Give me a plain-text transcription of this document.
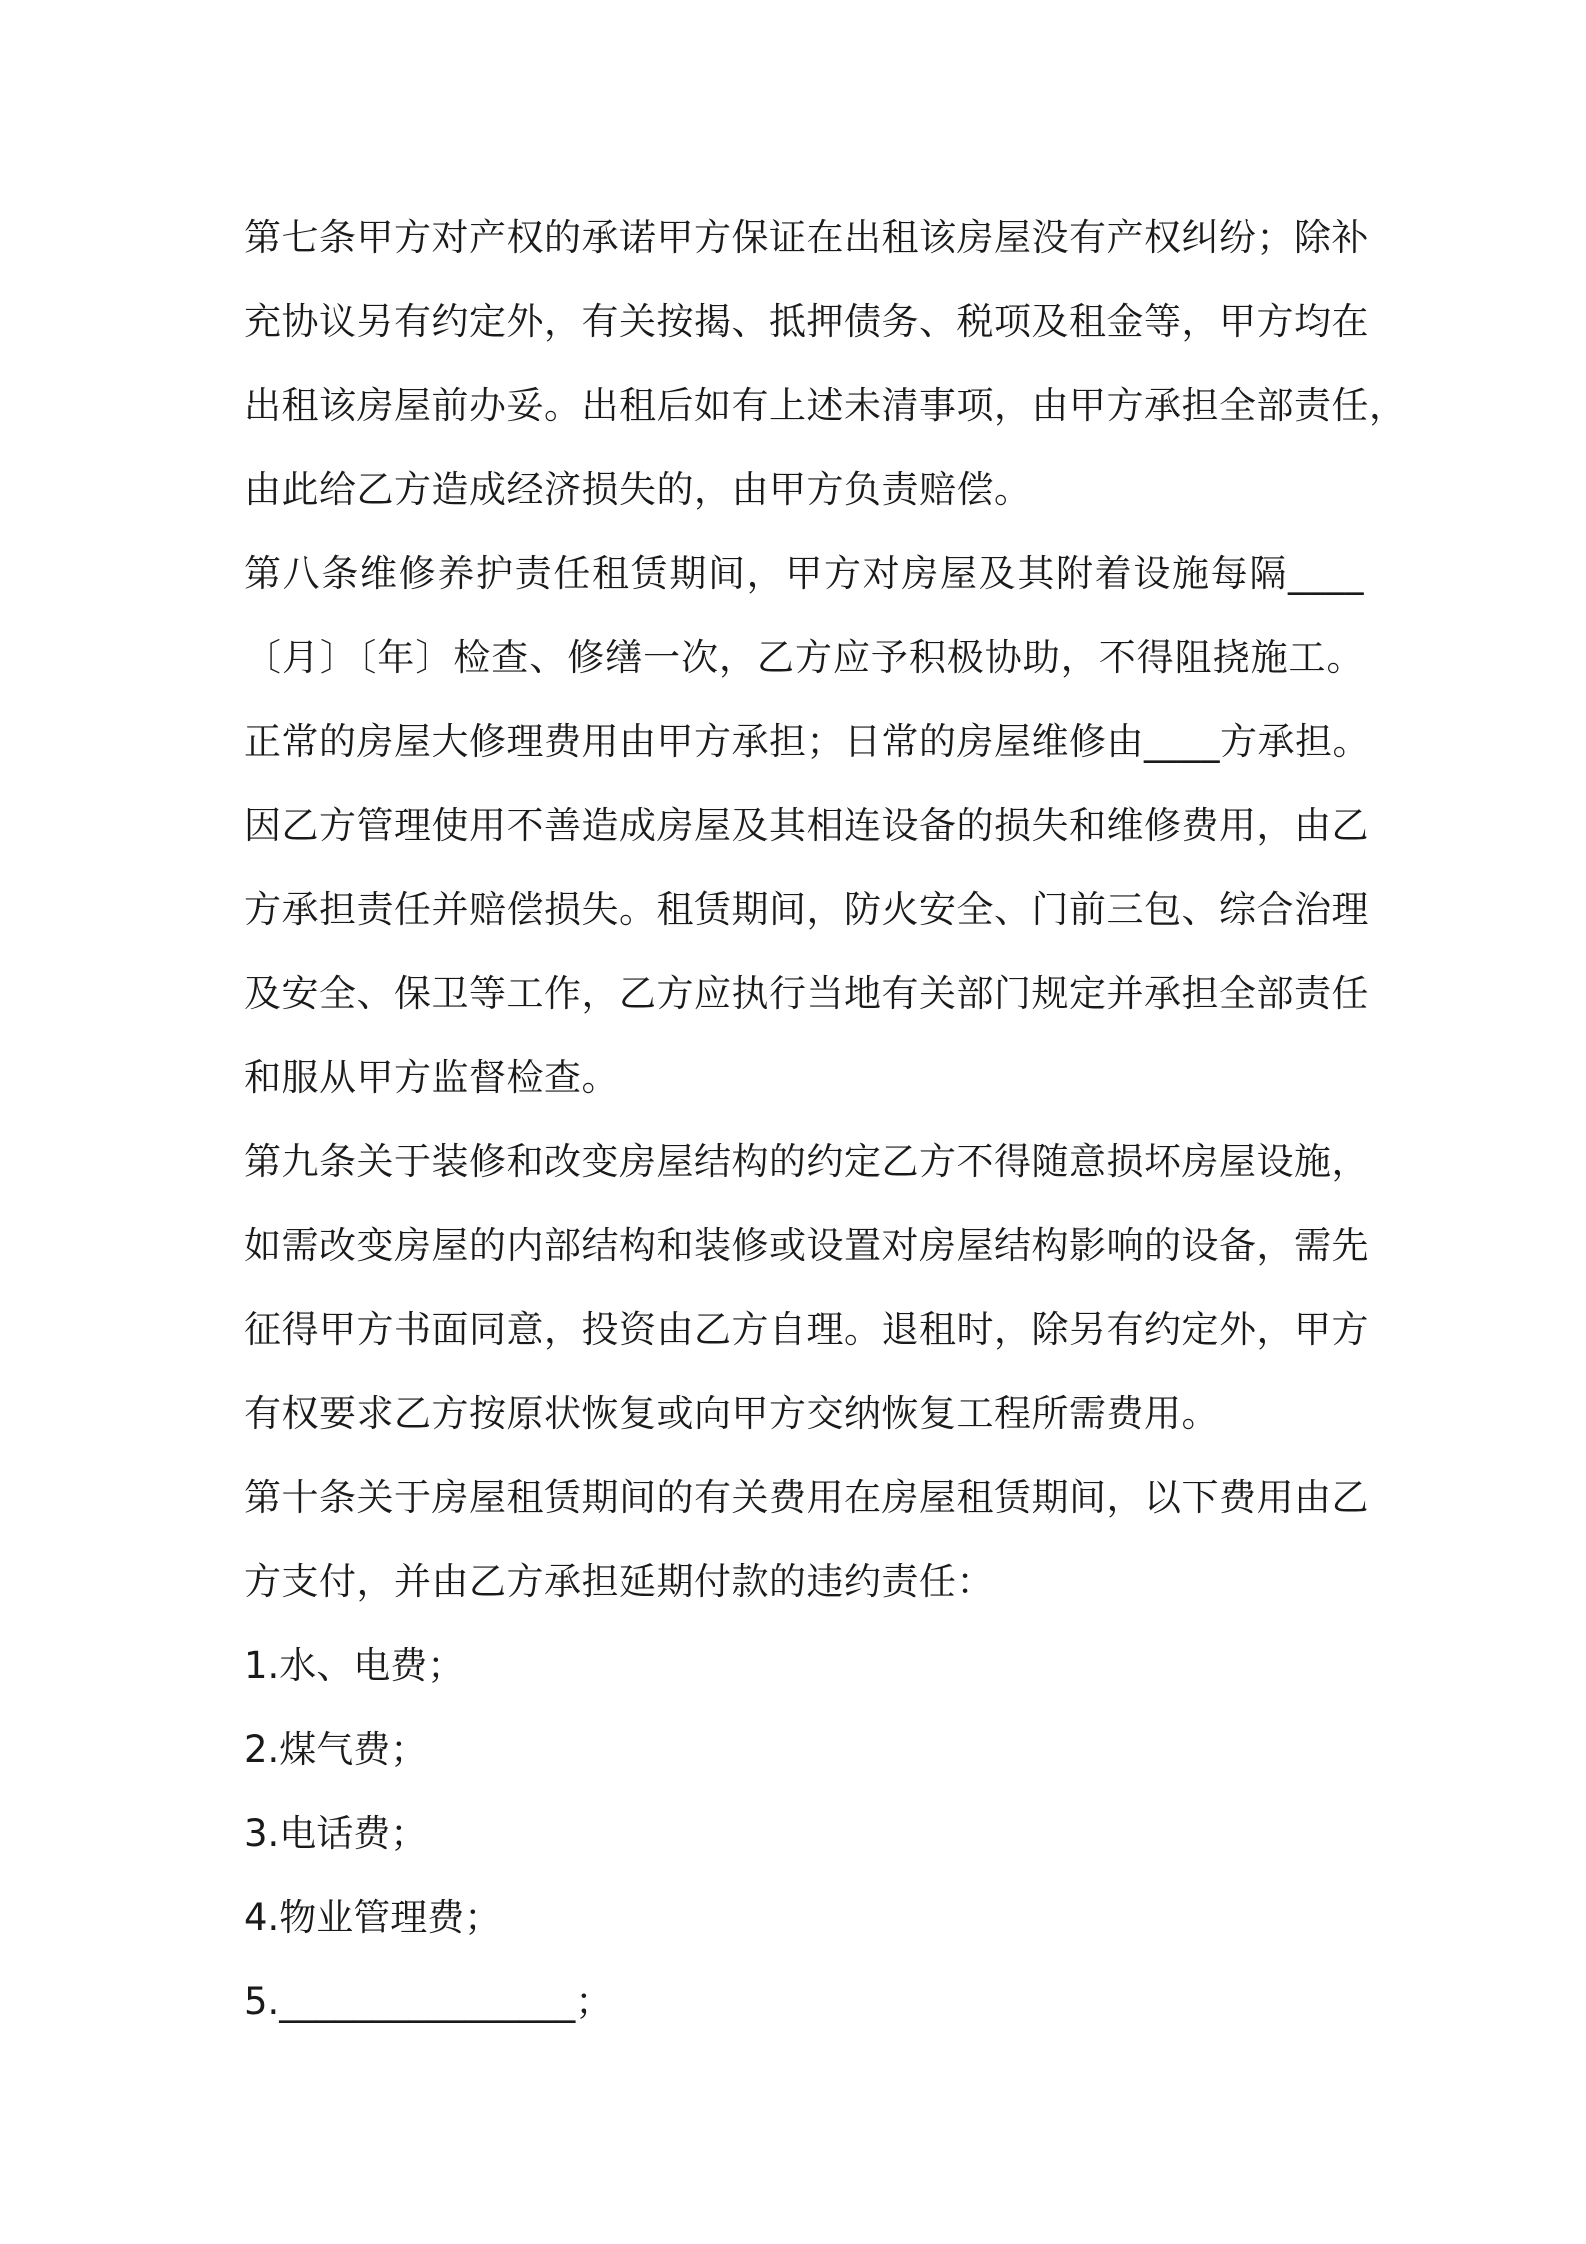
第七条甲方对产权的承诺甲方保证在出租该房屋没有产权纠纷；除补

充协议另有约定外，有关按揭、抵押债务、税项及租金等，甲方均在

出租该房屋前办妥。出租后如有上述未清事项，由甲方承担全部责任，

由此给乙方造成经济损失的，由甲方负责赔偿。

第八条维修养护责任租赁期间，甲方对房屋及其附着设施每隔____

〔月〕〔年〕检查、修缮一次，乙方应予积极协助，不得阻挠施工。

正常的房屋大修理费用由甲方承担；日常的房屋维修由____方承担。

因乙方管理使用不善造成房屋及其相连设备的损失和维修费用，由乙

方承担责任并赔偿损失。租赁期间，防火安全、门前三包、综合治理

及安全、保卫等工作，乙方应执行当地有关部门规定并承担全部责任

和服从甲方监督检查。

第九条关于装修和改变房屋结构的约定乙方不得随意损坏房屋设施，

如需改变房屋的内部结构和装修或设置对房屋结构影响的设备，需先

征得甲方书面同意，投资由乙方自理。退租时，除另有约定外，甲方

有权要求乙方按原状恢复或向甲方交纳恢复工程所需费用。

第十条关于房屋租赁期间的有关费用在房屋租赁期间，以下费用由乙

方支付，并由乙方承担延期付款的违约责任：

1.水、电费；

2.煤气费；

3.电话费；

4.物业管理费；

5.________________；
